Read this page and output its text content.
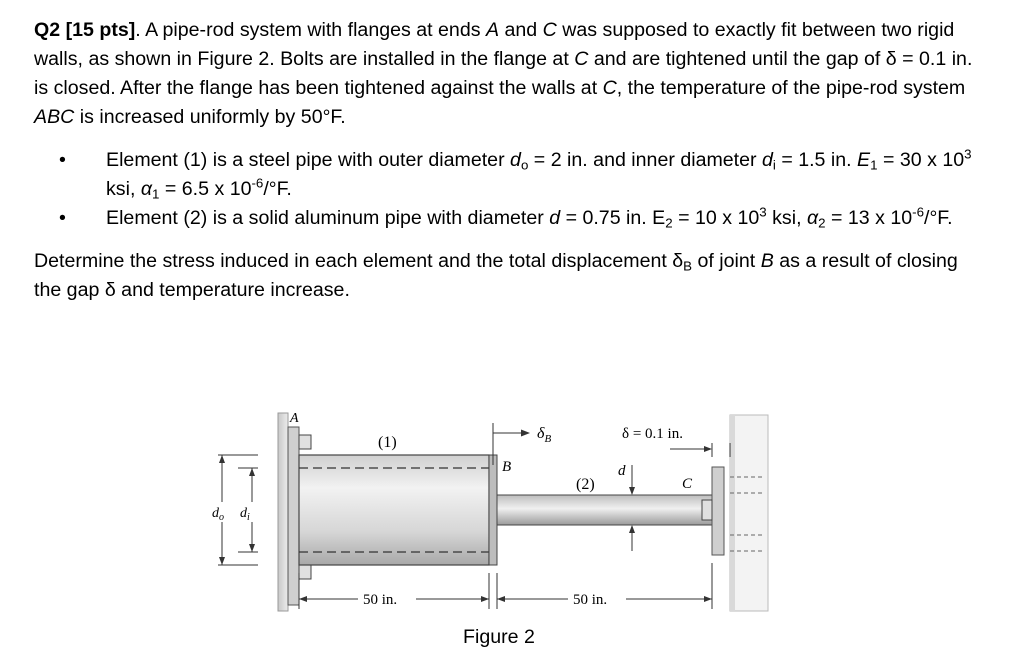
Q2 [15 pts]. A pipe-rod system with flanges at ends A and C was supposed to exactly fit between two rigid walls, as shown in Figure 2. Bolts are installed in the flange at C and are tightened until the gap of δ = 0.1 in. is closed. After the flange has been tightened against the walls at C, the temperature of the pipe-rod system ABC is increased uniformly by 50°F.

• Element (1) is a steel pipe with outer diameter $d_o = 2$ in. and inner diameter $d_i = 1.5$ in. $E_1 = 30$ x $10^3$ ksi, $\alpha_1 = 6.5$ x $10^{-6}/^\circ F$.
• Element (2) is a solid aluminum pipe with diameter d = 0.75 in. $E_2 = 10$ x $10^3$ ksi, $\alpha_2 = 13$ x $10^{-6}/^\circ F$.

Determine the stress induced in each element and the total displacement $\delta_B$ of joint B as a result of closing the gap δ and temperature increase.

δ = 0.1 in.
$\delta_B$
d
A
(1)
B
(2)	C
$d_o$ $d_i$
50 in.	50 in.
Figure 2
